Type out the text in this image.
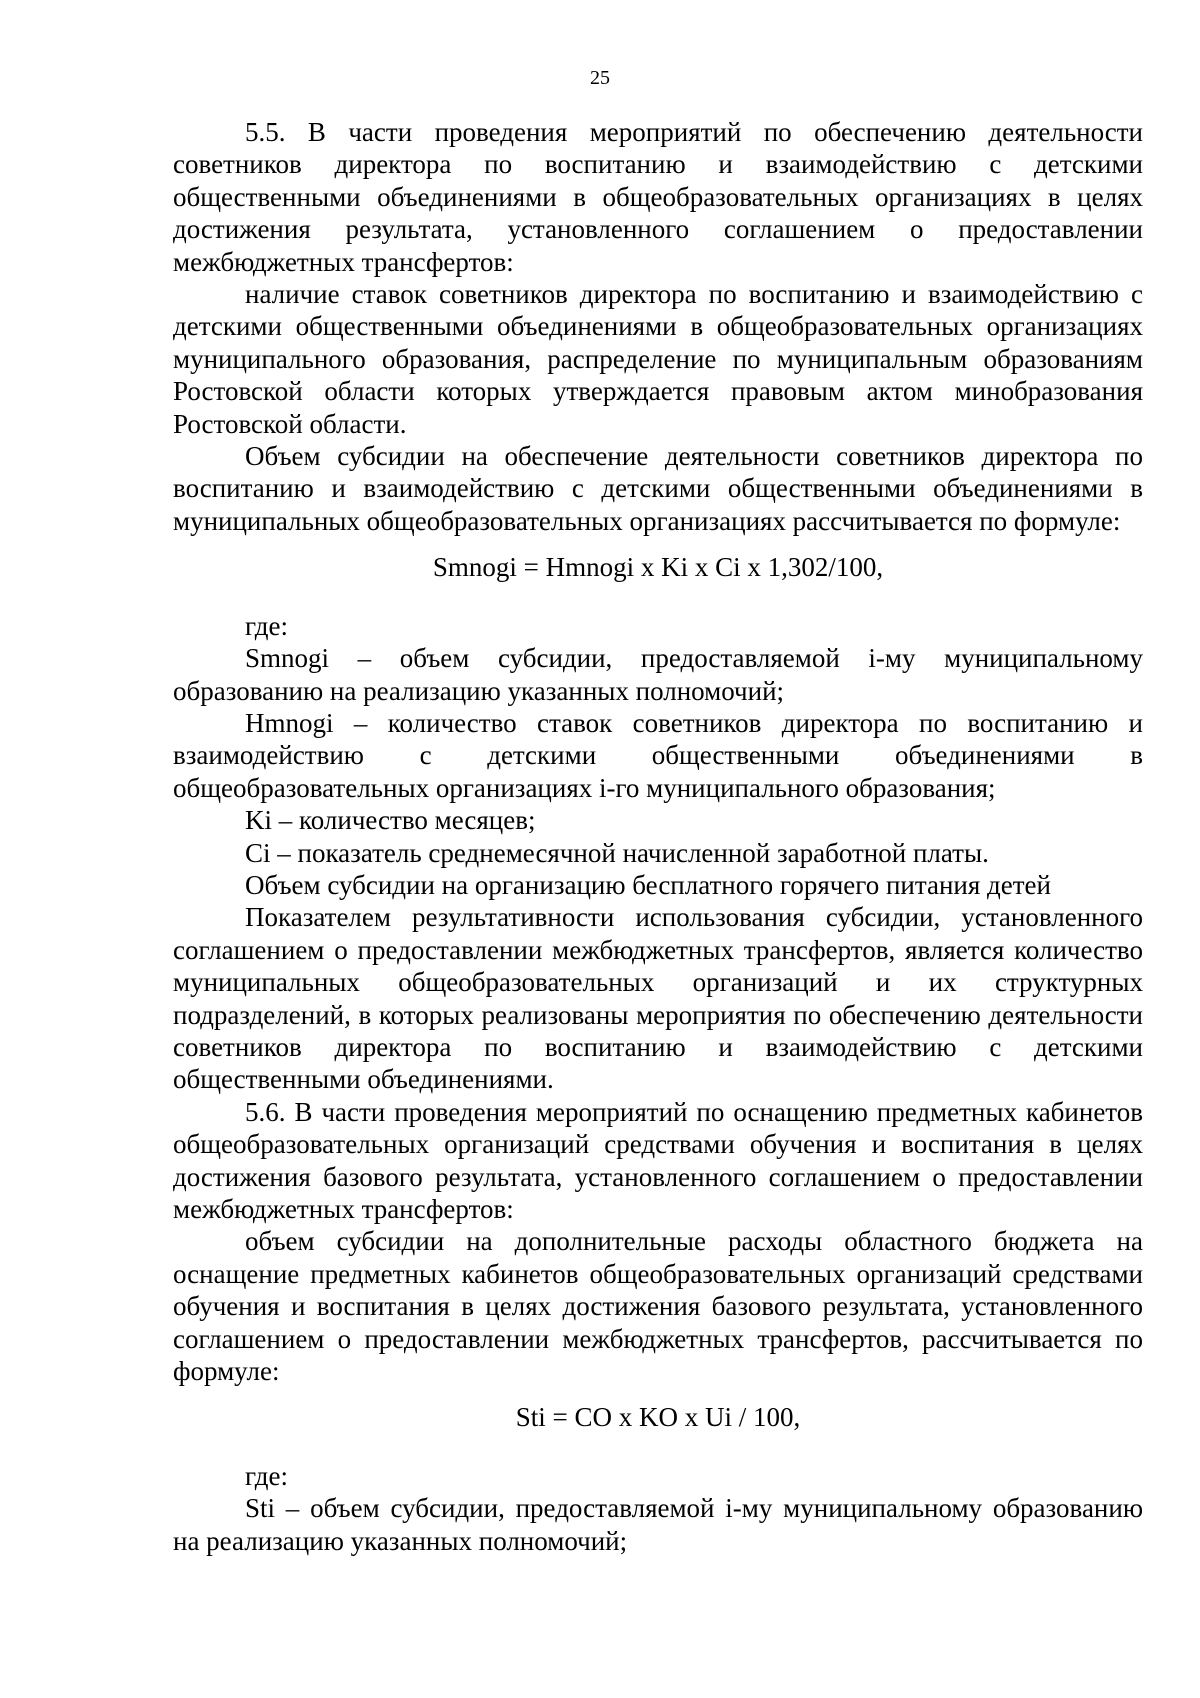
25

5.5. В части проведения мероприятий по обеспечению деятельности советников директора по воспитанию и взаимодействию с детскими общественными объединениями в общеобразовательных организациях в целях достижения результата, установленного соглашением о предоставлении межбюджетных трансфертов:

наличие ставок советников директора по воспитанию и взаимодействию с детскими общественными объединениями в общеобразовательных организациях муниципального образования, распределение по муниципальным образованиям Ростовской области которых утверждается правовым актом минобразования Ростовской области.

Объем субсидии на обеспечение деятельности советников директора по воспитанию и взаимодействию с детскими общественными объединениями в муниципальных общеобразовательных организациях рассчитывается по формуле:

Smnogi = Hmnogi x Ki x Ci x 1,302/100,

где:

Smnogi – объем субсидии, предоставляемой i-му муниципальному образованию на реализацию указанных полномочий;

Hmnogi – количество ставок советников директора по воспитанию и взаимодействию с детскими общественными объединениями в общеобразовательных организациях i-го муниципального образования;

Ki – количество месяцев;

Ci – показатель среднемесячной начисленной заработной платы.

Объем субсидии на организацию бесплатного горячего питания детей

Показателем результативности использования субсидии, установленного соглашением о предоставлении межбюджетных трансфертов, является количество муниципальных общеобразовательных организаций и их структурных подразделений, в которых реализованы мероприятия по обеспечению деятельности советников директора по воспитанию и взаимодействию с детскими общественными объединениями.

5.6. В части проведения мероприятий по оснащению предметных кабинетов общеобразовательных организаций средствами обучения и воспитания в целях достижения базового результата, установленного соглашением о предоставлении межбюджетных трансфертов:

объем субсидии на дополнительные расходы областного бюджета на оснащение предметных кабинетов общеобразовательных организаций средствами обучения и воспитания в целях достижения базового результата, установленного соглашением о предоставлении межбюджетных трансфертов, рассчитывается по формуле:

Sti = CO x KO x Ui / 100,

где:

Sti – объем субсидии, предоставляемой i-му муниципальному образованию на реализацию указанных полномочий;
